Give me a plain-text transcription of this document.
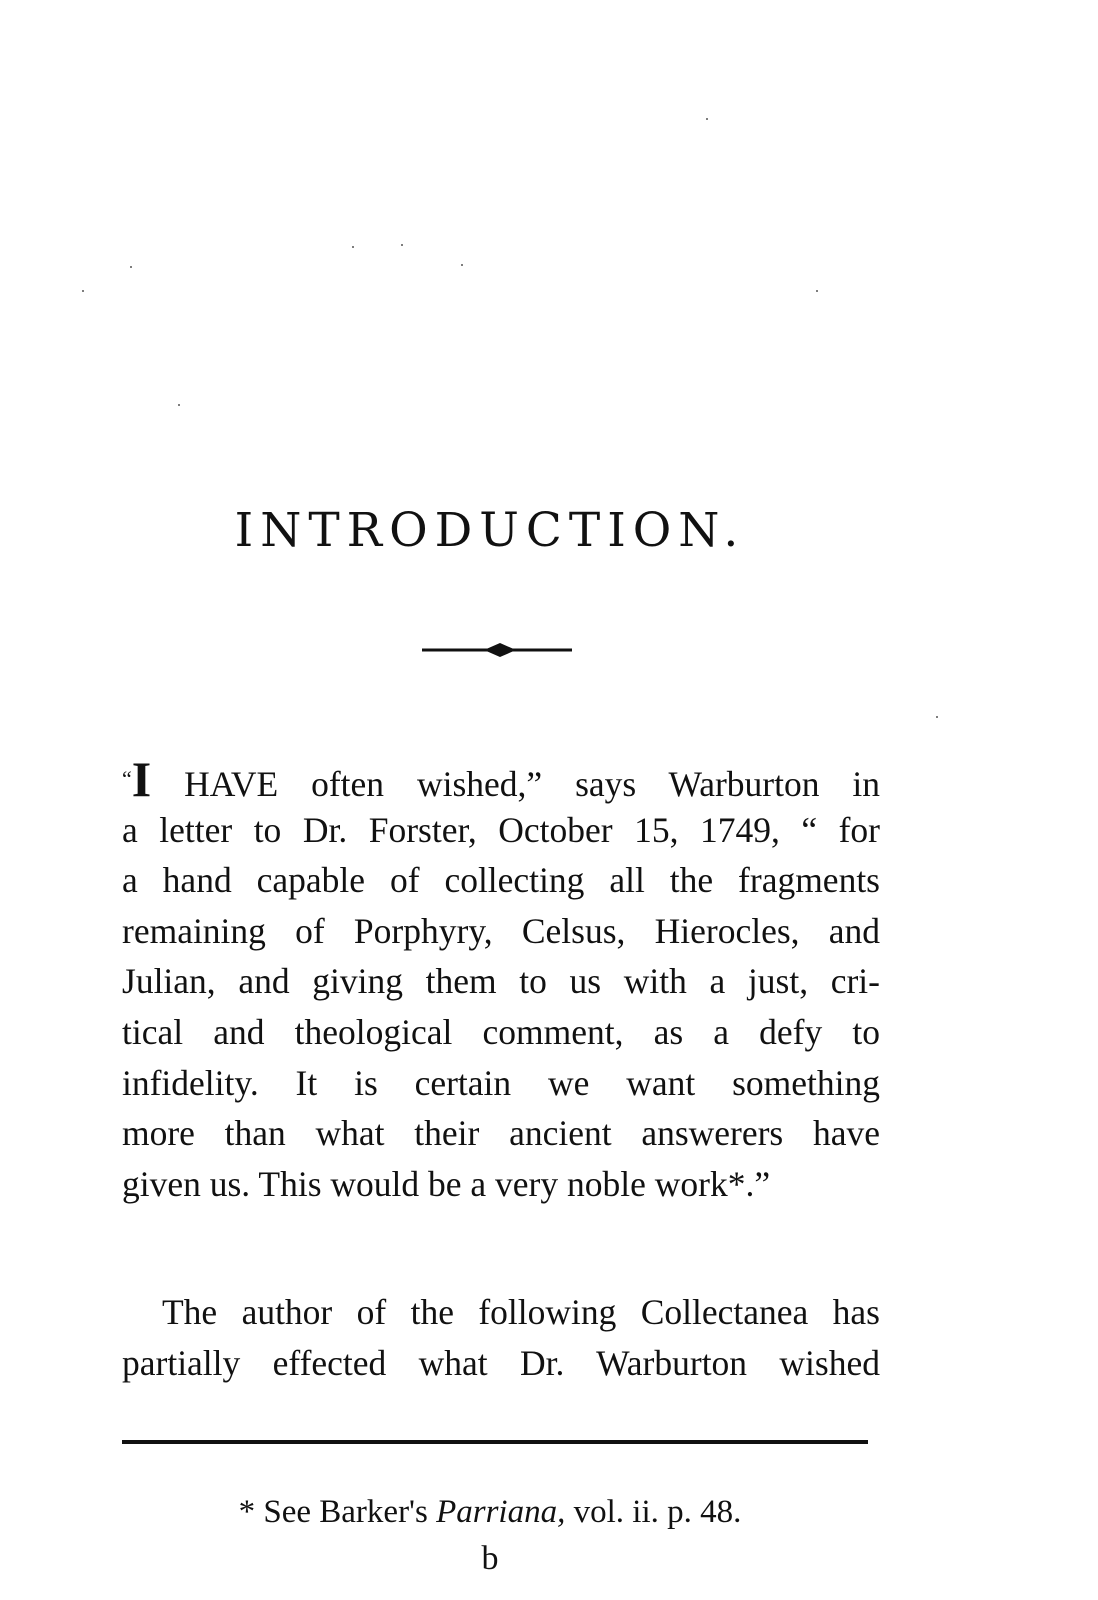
INTRODUCTION.
“I HAVE often wished,” says Warburton in
a letter to Dr. Forster, October 15, 1749, “ for
a hand capable of collecting all the fragments
remaining of Porphyry, Celsus, Hierocles, and
Julian, and giving them to us with a just, cri-
tical and theological comment, as a defy to
infidelity. It is certain we want something
more than what their ancient answerers have
given us. This would be a very noble work*.”
The author of the following Collectanea has
partially effected what Dr. Warburton wished
* See Barker's Parriana, vol. ii. p. 48.
b
